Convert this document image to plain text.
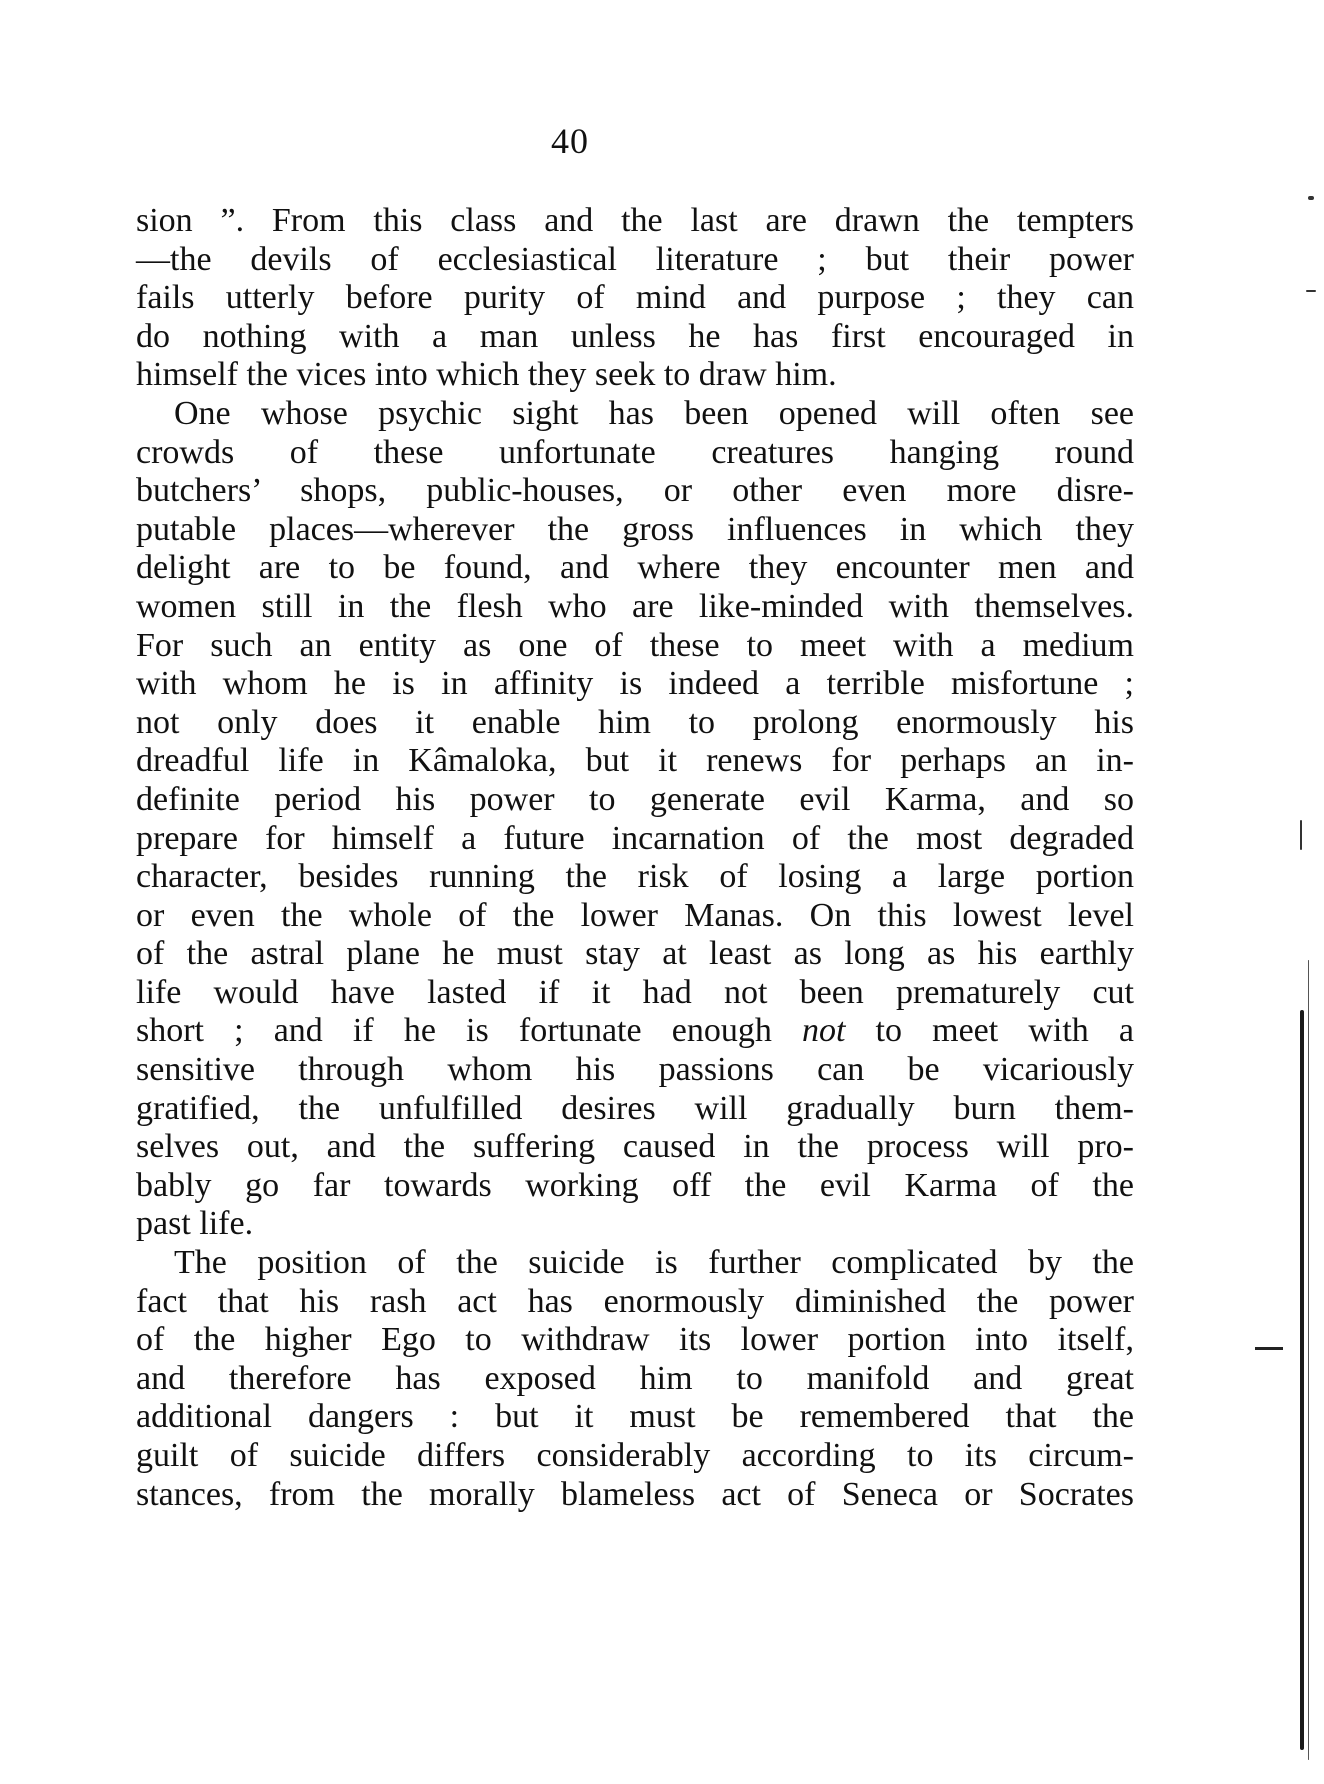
40
sion ”. From this class and the last are drawn the tempters
—the devils of ecclesiastical literature ; but their power
fails utterly before purity of mind and purpose ; they can
do nothing with a man unless he has first encouraged in
himself the vices into which they seek to draw him.
One whose psychic sight has been opened will often see
crowds of these unfortunate creatures hanging round
butchers’ shops, public-houses, or other even more disre-
putable places—wherever the gross influences in which they
delight are to be found, and where they encounter men and
women still in the flesh who are like-minded with themselves.
For such an entity as one of these to meet with a medium
with whom he is in affinity is indeed a terrible misfortune ;
not only does it enable him to prolong enormously his
dreadful life in Kâmaloka, but it renews for perhaps an in-
definite period his power to generate evil Karma, and so
prepare for himself a future incarnation of the most degraded
character, besides running the risk of losing a large portion
or even the whole of the lower Manas. On this lowest level
of the astral plane he must stay at least as long as his earthly
life would have lasted if it had not been prematurely cut
short ; and if he is fortunate enough not to meet with a
sensitive through whom his passions can be vicariously
gratified, the unfulfilled desires will gradually burn them-
selves out, and the suffering caused in the process will pro-
bably go far towards working off the evil Karma of the
past life.
The position of the suicide is further complicated by the
fact that his rash act has enormously diminished the power
of the higher Ego to withdraw its lower portion into itself,
and therefore has exposed him to manifold and great
additional dangers : but it must be remembered that the
guilt of suicide differs considerably according to its circum-
stances, from the morally blameless act of Seneca or Socrates
